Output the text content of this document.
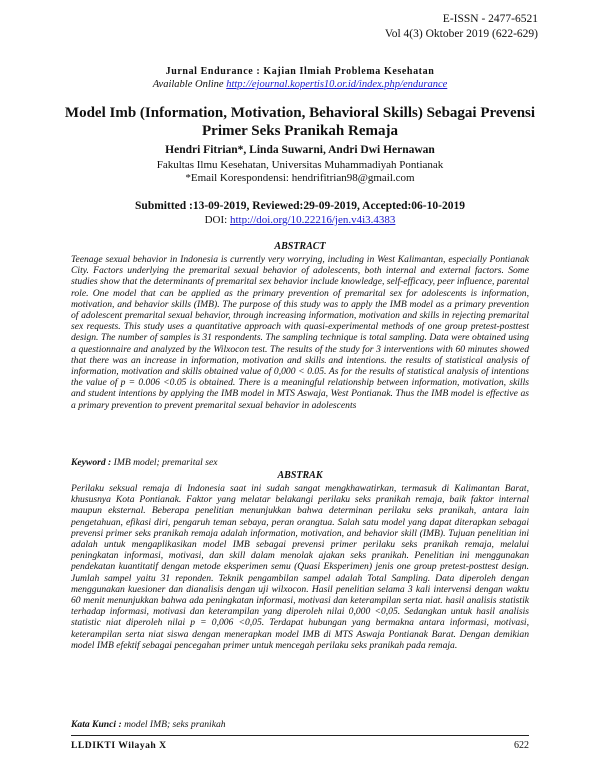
E-ISSN - 2477-6521
Vol 4(3) Oktober 2019 (622-629)
Jurnal Endurance : Kajian Ilmiah Problema Kesehatan
Available Online http://ejournal.kopertis10.or.id/index.php/endurance
Model Imb (Information, Motivation, Behavioral Skills) Sebagai Prevensi Primer Seks Pranikah Remaja
Hendri Fitrian*, Linda Suwarni, Andri Dwi Hernawan
Fakultas Ilmu Kesehatan, Universitas Muhammadiyah Pontianak
*Email Korespondensi: hendrifitrian98@gmail.com
Submitted :13-09-2019, Reviewed:29-09-2019, Accepted:06-10-2019
DOI: http://doi.org/10.22216/jen.v4i3.4383
ABSTRACT
Teenage sexual behavior in Indonesia is currently very worrying, including in West Kalimantan, especially Pontianak City. Factors underlying the premarital sexual behavior of adolescents, both internal and external factors. Some studies show that the determinants of premarital sex behavior include knowledge, self-efficacy, peer influence, parental role. One model that can be applied as the primary prevention of premarital sex for adolescents is information, motivation, and behavior skills (IMB). The purpose of this study was to apply the IMB model as a primary prevention of adolescent premarital sexual behavior, through increasing information, motivation and skills in rejecting premarital sex requests. This study uses a quantitative approach with quasi-experimental methods of one group pretest-posttest design. The number of samples is 31 respondents. The sampling technique is total sampling. Data were obtained using a questionnaire and analyzed by the Wilxocon test. The results of the study for 3 interventions with 60 minutes showed that there was an increase in information, motivation and skills and intentions. the results of statistical analysis of information, motivation and skills obtained value of 0,000 < 0.05. As for the results of statistical analysis of intentions the value of p = 0.006 <0.05 is obtained. There is a meaningful relationship between information, motivation, skills and student intentions by applying the IMB model in MTS Aswaja, West Pontianak. Thus the IMB model is effective as a primary prevention to prevent premarital sexual behavior in adolescents
Keyword : IMB model; premarital sex
ABSTRAK
Perilaku seksual remaja di Indonesia saat ini sudah sangat mengkhawatirkan, termasuk di Kalimantan Barat, khususnya Kota Pontianak. Faktor yang melatar belakangi perilaku seks pranikah remaja, baik faktor internal maupun eksternal. Beberapa penelitian menunjukkan bahwa determinan perilaku seks pranikah, antara lain pengetahuan, efikasi diri, pengaruh teman sebaya, peran orangtua. Salah satu model yang dapat diterapkan sebagai prevensi primer seks pranikah remaja adalah information, motivation, and behavior skill (IMB). Tujuan penelitian ini adalah untuk mengaplikasikan model IMB sebagai prevensi primer perilaku seks pranikah remaja, melalui peningkatan informasi, motivasi, dan skill dalam menolak ajakan seks pranikah. Penelitian ini menggunakan pendekatan kuantitatif dengan metode eksperimen semu (Quasi Eksperimen) jenis one group pretest-posttest design. Jumlah sampel yaitu 31 reponden. Teknik pengambilan sampel adalah Total Sampling. Data diperoleh dengan menggunakan kuesioner dan dianalisis dengan uji wilxocon. Hasil penelitian selama 3 kali intervensi dengan waktu 60 menit menunjukkan bahwa ada peningkatan informasi, motivasi dan keterampilan serta niat. hasil analisis statistik terhadap informasi, motivasi dan keterampilan yang diperoleh nilai 0,000 <0,05. Sedangkan untuk hasil analisis statistic niat diperoleh nilai p = 0,006 <0,05. Terdapat hubungan yang bermakna antara informasi, motivasi, keterampilan serta niat siswa dengan menerapkan model IMB di MTS Aswaja Pontianak Barat. Dengan demikian model IMB efektif sebagai pencegahan primer untuk mencegah perilaku seks pranikah pada remaja.
Kata Kunci : model IMB; seks pranikah
LLDIKTI Wilayah X	622
